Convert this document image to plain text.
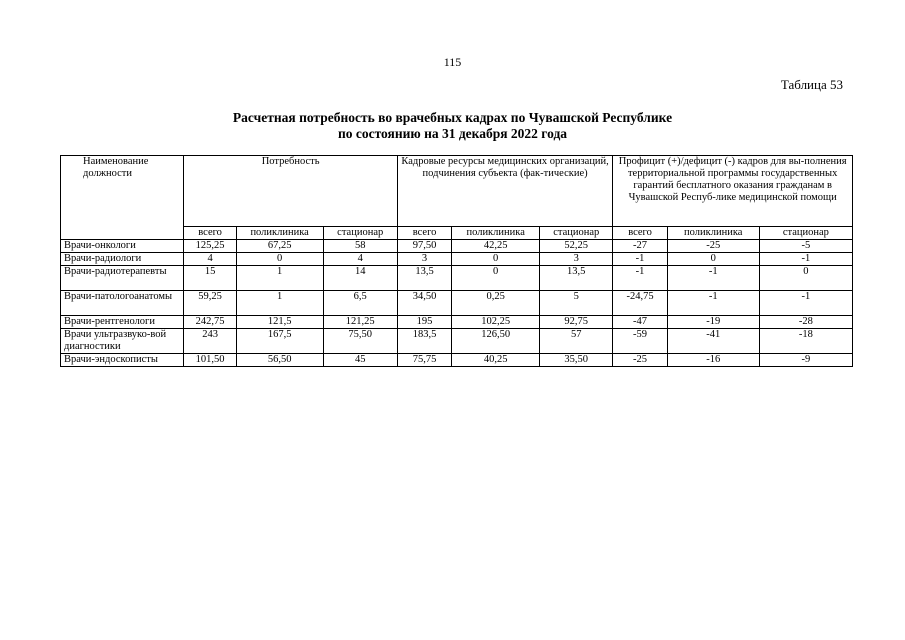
115
Таблица 53
Расчетная потребность во врачебных кадрах по Чувашской Республике
по состоянию на 31 декабря 2022 года
Наименование должности	Потребность			Кадровые ресурсы медицинских организаций, подчинения субъекта (фак-тические)			Профицит (+)/дефицит (-) кадров для вы-полнения территориальной программы государственных гарантий бесплатного оказания гражданам в Чувашской Респуб-лике медицинской помощи		
	всего	поликлиника	стационар	всего	поликлиника	стационар	всего	поликлиника	стационар
Врачи-онкологи	125,25	67,25	58	97,50	42,25	52,25	-27	-25	-5
Врачи-радиологи	4	0	4	3	0	3	-1	0	-1
Врачи-радиотерапевты	15	1	14	13,5	0	13,5	-1	-1	0
Врачи-патологоанатомы	59,25	1	6,5	34,50	0,25	5	-24,75	-1	-1
Врачи-рентгенологи	242,75	121,5	121,25	195	102,25	92,75	-47	-19	-28
Врачи ультразвуко-вой диагностики	243	167,5	75,50	183,5	126,50	57	-59	-41	-18
Врачи-эндоскописты	101,50	56,50	45	75,75	40,25	35,50	-25	-16	-9
